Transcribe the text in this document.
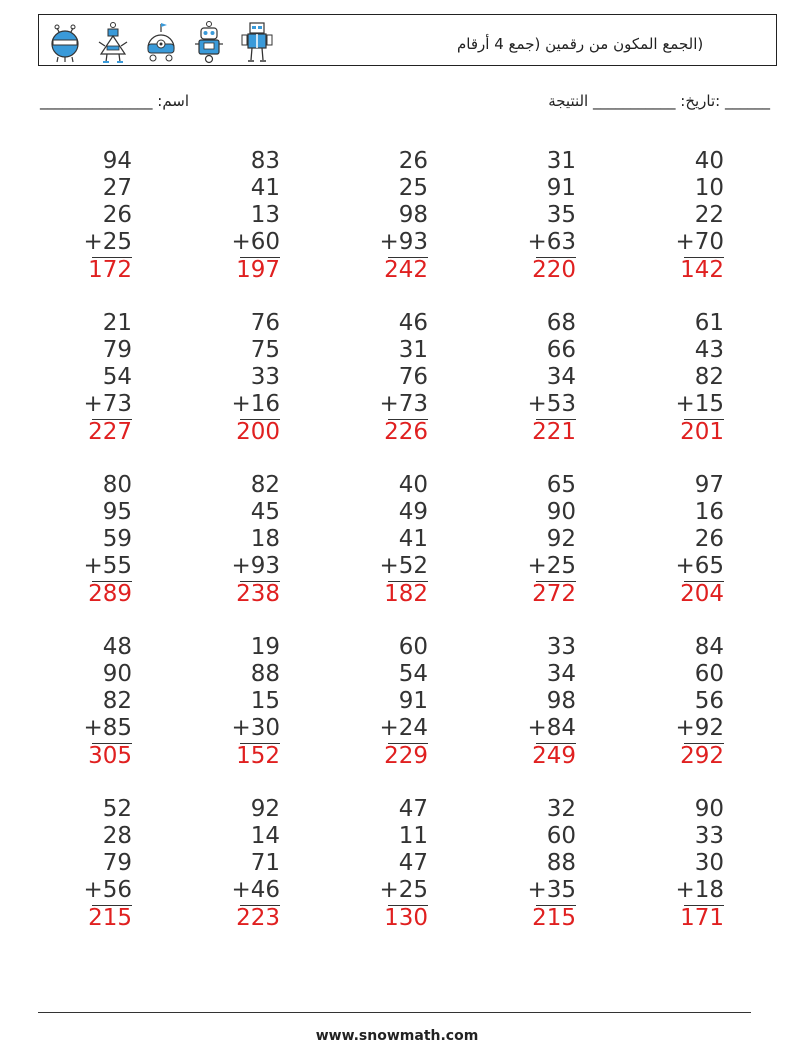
(الجمع المكون من رقمين (جمع 4 أرقام
______ :تاريخ: ___________ النتيجة
اسم: _______________
94
27
26
+25
172
83
41
13
+60
197
26
25
98
+93
242
31
91
35
+63
220
40
10
22
+70
142
21
79
54
+73
227
76
75
33
+16
200
46
31
76
+73
226
68
66
34
+53
221
61
43
82
+15
201
80
95
59
+55
289
82
45
18
+93
238
40
49
41
+52
182
65
90
92
+25
272
97
16
26
+65
204
48
90
82
+85
305
19
88
15
+30
152
60
54
91
+24
229
33
34
98
+84
249
84
60
56
+92
292
52
28
79
+56
215
92
14
71
+46
223
47
11
47
+25
130
32
60
88
+35
215
90
33
30
+18
171
www.snowmath.com
